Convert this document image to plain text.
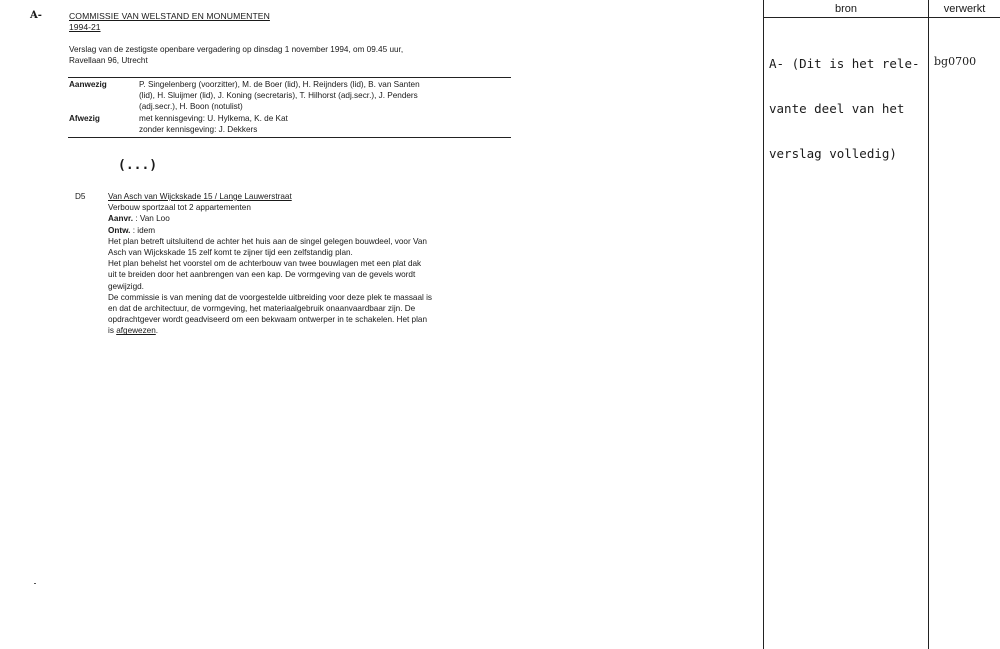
A-	COMMISSIE VAN WELSTAND EN MONUMENTEN
1994-21
Verslag van de zestigste openbare vergadering op dinsdag 1 november 1994, om 09.45 uur,
Ravellaan 96, Utrecht
Aanwezig	P. Singelenberg (voorzitter), M. de Boer (lid), H. Reijnders (lid), B. van Santen
(lid), H. Sluijmer (lid), J. Koning (secretaris), T. Hilhorst (adj.secr.), J. Penders
(adj.secr.), H. Boon (notulist)
Afwezig	met kennisgeving: U. Hylkema, K. de Kat
zonder kennisgeving: J. Dekkers
(...)
D5	Van Asch van Wijckskade 15 / Lange Lauwerstraat

Verbouw sportzaal tot 2 appartementen

Aanvr. : Van Loo

Ontw. : idem

Het plan betreft uitsluitend de achter het huis aan de singel gelegen bouwdeel, voor Van

Asch van Wijckskade 15 zelf komt te zijner tijd een zelfstandig plan.

Het plan behelst het voorstel om de achterbouw van twee bouwlagen met een plat dak

uit te breiden door het aanbrengen van een kap. De vormgeving van de gevels wordt

gewijzigd.

De commissie is van mening dat de voorgestelde uitbreiding voor deze plek te massaal is

en dat de architectuur, de vormgeving, het materiaalgebruik onaanvaardbaar zijn. De

opdrachtgever wordt geadviseerd om een bekwaam ontwerper in te schakelen. Het plan

is afgewezen.

bron	verwerkt

A- (Dit is het rele-

vante deel van het

verslag volledig)

bg0700
